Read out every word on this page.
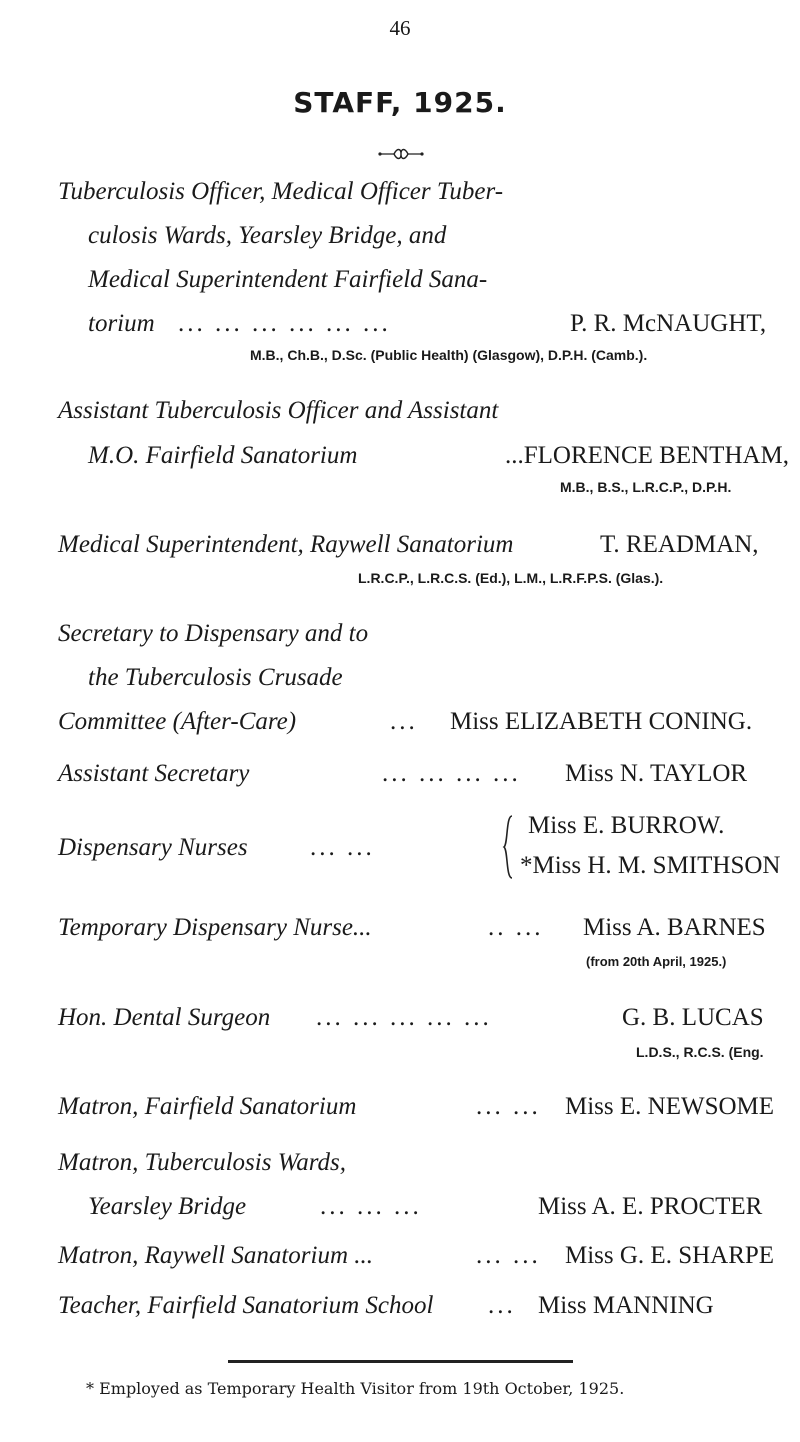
46
STAFF, 1925.
Tuberculosis Officer, Medical Officer Tuber-
culosis Wards, Yearsley Bridge, and
Medical Superintendent Fairfield Sana-
torium ... ... ... ... ... ...	P. R. McNAUGHT,
M.B., Ch.B., D.Sc. (Public Health) (Glasgow), D.P.H. (Camb.).
Assistant Tuberculosis Officer and Assistant
M.O. Fairfield Sanatorium	...FLORENCE BENTHAM,
M.B., B.S., L.R.C.P., D.P.H.
Medical Superintendent, Raywell Sanatorium	T. READMAN,
L.R.C.P., L.R.C.S. (Ed.), L.M., L.R.F.P.S. (Glas.).
Secretary to Dispensary and to
the Tuberculosis Crusade
Committee (After-Care)	... Miss ELIZABETH CONING.
Assistant Secretary	... ... ... ... Miss N. TAYLOR
Dispensary Nurses ... ...
Miss E. BURROW.
*Miss H. M. SMITHSON
Temporary Dispensary Nurse...	.. ... Miss A. BARNES
(from 20th April, 1925.)
Hon. Dental Surgeon ... ... ... ... ...	G. B. LUCAS
L.D.S., R.C.S. (Eng.
Matron, Fairfield Sanatorium	... ... Miss E. NEWSOME
Matron, Tuberculosis Wards,
Yearsley Bridge	... ... ...	Miss A. E. PROCTER
Matron, Raywell Sanatorium ...	... ... Miss G. E. SHARPE
Teacher, Fairfield Sanatorium School ... Miss MANNING
* Employed as Temporary Health Visitor from 19th October, 1925.
